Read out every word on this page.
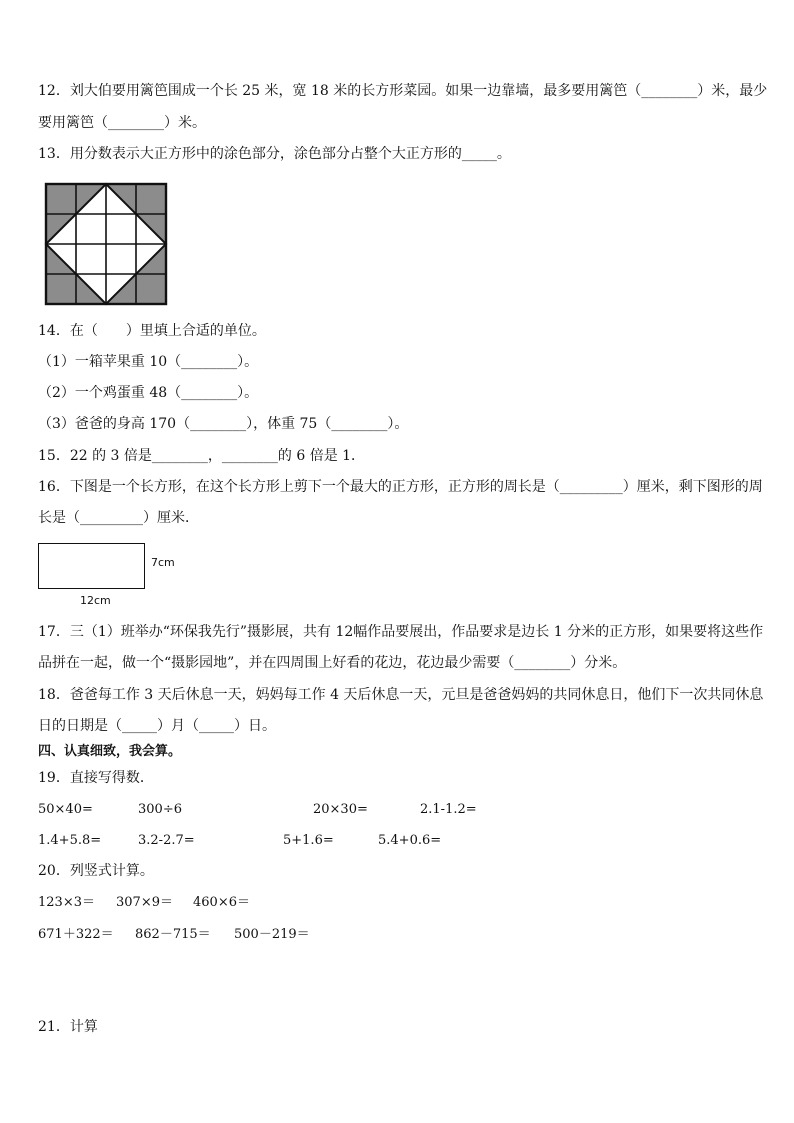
12．刘大伯要用篱笆围成一个长 25 米，宽 18 米的长方形菜园。如果一边靠墙，最多要用篱笆（________）米，最少
要用篱笆（________）米。
13．用分数表示大正方形中的涂色部分，涂色部分占整个大正方形的_____。
14．在（　　）里填上合适的单位。
（1）一箱苹果重 10（________）。
（2）一个鸡蛋重 48（________）。
（3）爸爸的身高 170（________），体重 75（________）。
15．22 的 3 倍是________，________的 6 倍是 1．
16．下图是一个长方形，在这个长方形上剪下一个最大的正方形，正方形的周长是（_________）厘米，剩下图形的周
长是（_________）厘米．
7cm
12cm
17．三（1）班举办“环保我先行”摄影展，共有 12幅作品要展出，作品要求是边长 1 分米的正方形，如果要将这些作
品拼在一起，做一个“摄影园地”，并在四周围上好看的花边，花边最少需要（________）分米。
18．爸爸每工作 3 天后休息一天，妈妈每工作 4 天后休息一天，元旦是爸爸妈妈的共同休息日，他们下一次共同休息
日的日期是（_____）月（_____）日。
四、认真细致，我会算。
19．直接写得数．
50×40=	300÷6	20×30=	2.1-1.2=
1.4+5.8=	3.2-2.7=	5+1.6=	5.4+0.6=
20．列竖式计算。
123×3＝ 307×9＝ 460×6＝
671＋322＝ 862－715＝ 500－219＝
21．计算
